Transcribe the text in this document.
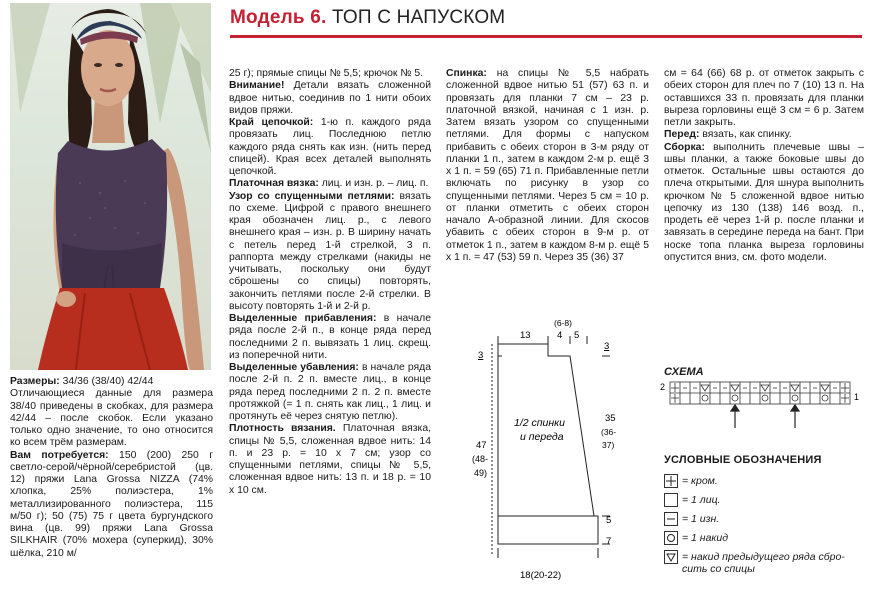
Модель 6. ТОП С НАПУСКОМ

Размеры: 34/36 (38/40) 42/44

Отличающиеся данные для размера 38/40 приведены в скобках, для размера 42/44 – после скобок. Если указано только одно значение, то оно относится ко всем трём размерам.

Вам потребуется: 150 (200) 250 г светло-серой/чёрной/серебристой (цв. 12) пряжи Lana Grossa NIZZA (74% хлопка, 25% полиэстера, 1% металлизированного полиэстера, 115 м/50 г); 50 (75) 75 г цвета бургундского вина (цв. 99) пряжи Lana Grossa SILKHAIR (70% мохера (суперкид), 30% шёлка, 210 м/

25 г); прямые спицы № 5,5; крючок № 5.

Внимание! Детали вязать сложенной вдвое нитью, соединив по 1 нити обоих видов пряжи.

Край цепочкой: 1-ю п. каждого ряда провязать лиц. Последнюю петлю каждого ряда снять как изн. (нить перед спицей). Края всех деталей выполнять цепочкой.

Платочная вязка: лиц. и изн. р. – лиц. п.

Узор со спущенными петлями: вязать по схеме. Цифрой с правого внешнего края обозначен лиц. р., с левого внешнего края – изн. р. В ширину начать с петель перед 1-й стрелкой, 3 п. раппорта между стрелками (накиды не учитывать, поскольку они будут сброшены со спицы) повторять, закончить петлями после 2-й стрелки. В высоту повторять 1-й и 2-й р.

Выделенные прибавления: в начале ряда после 2-й п., в конце ряда перед последними 2 п. вывязать 1 лиц. скрещ. из поперечной нити.

Выделенные убавления: в начале ряда после 2-й п. 2 п. вместе лиц., в конце ряда перед последними 2 п. 2 п. вместе протяжкой (= 1 п. снять как лиц., 1 лиц. и протянуть её через снятую петлю).

Плотность вязания. Платочная вязка, спицы № 5,5, сложенная вдвое нить: 14 п. и 23 р. = 10 x 7 см; узор со спущенными петлями, спицы № 5,5, сложенная вдвое нить: 13 п. и 18 р. = 10 x 10 см.

Спинка: на спицы № 5,5 набрать сложенной вдвое нитью 51 (57) 63 п. и провязать для планки 7 см – 23 р. платочной вязкой, начиная с 1 изн. р. Затем вязать узором со спущенными петлями. Для формы с напуском прибавить с обеих сторон в 3-м ряду от планки 1 п., затем в каждом 2-м р. ещё 3 x 1 п. = 59 (65) 71 п. Прибавленные петли включать по рисунку в узор со спущенными петлями. Через 5 см = 10 р. от планки отметить с обеих сторон начало А-образной линии. Для скосов убавить с обеих сторон в 9-м р. от отметок 1 п., затем в каждом 8-м р. ещё 5 x 1 п. = 47 (53) 59 п. Через 35 (36) 37

см = 64 (66) 68 р. от отметок закрыть с обеих сторон для плеч по 7 (10) 13 п. На оставшихся 33 п. провязать для планки выреза горловины ещё 3 см = 6 р. Затем петли закрыть.

Перед: вязать, как спинку.

Сборка: выполнить плечевые швы – швы планки, а также боковые швы до отметок. Остальные швы остаются до плеча открытыми. Для шнура выполнить крючком № 5 сложенной вдвое нитью цепочку из 130 (138) 146 возд. п., продеть её через 1-й р. после планки и завязать в середине переда на бант. При носке топа планка выреза горловины опустится вниз, см. фото модели.

13
(6-8)
4 5
3
47
(48-
49)
1/2 спинки
и переда
3
35
(36-
37)
5
7
18(20-22)
СХЕМА
2
1
УСЛОВНЫЕ ОБОЗНАЧЕНИЯ
= кром.
= 1 лиц.
= 1 изн.
= 1 накид
= накид предыдущего ряда сбро-
сить со спицы
